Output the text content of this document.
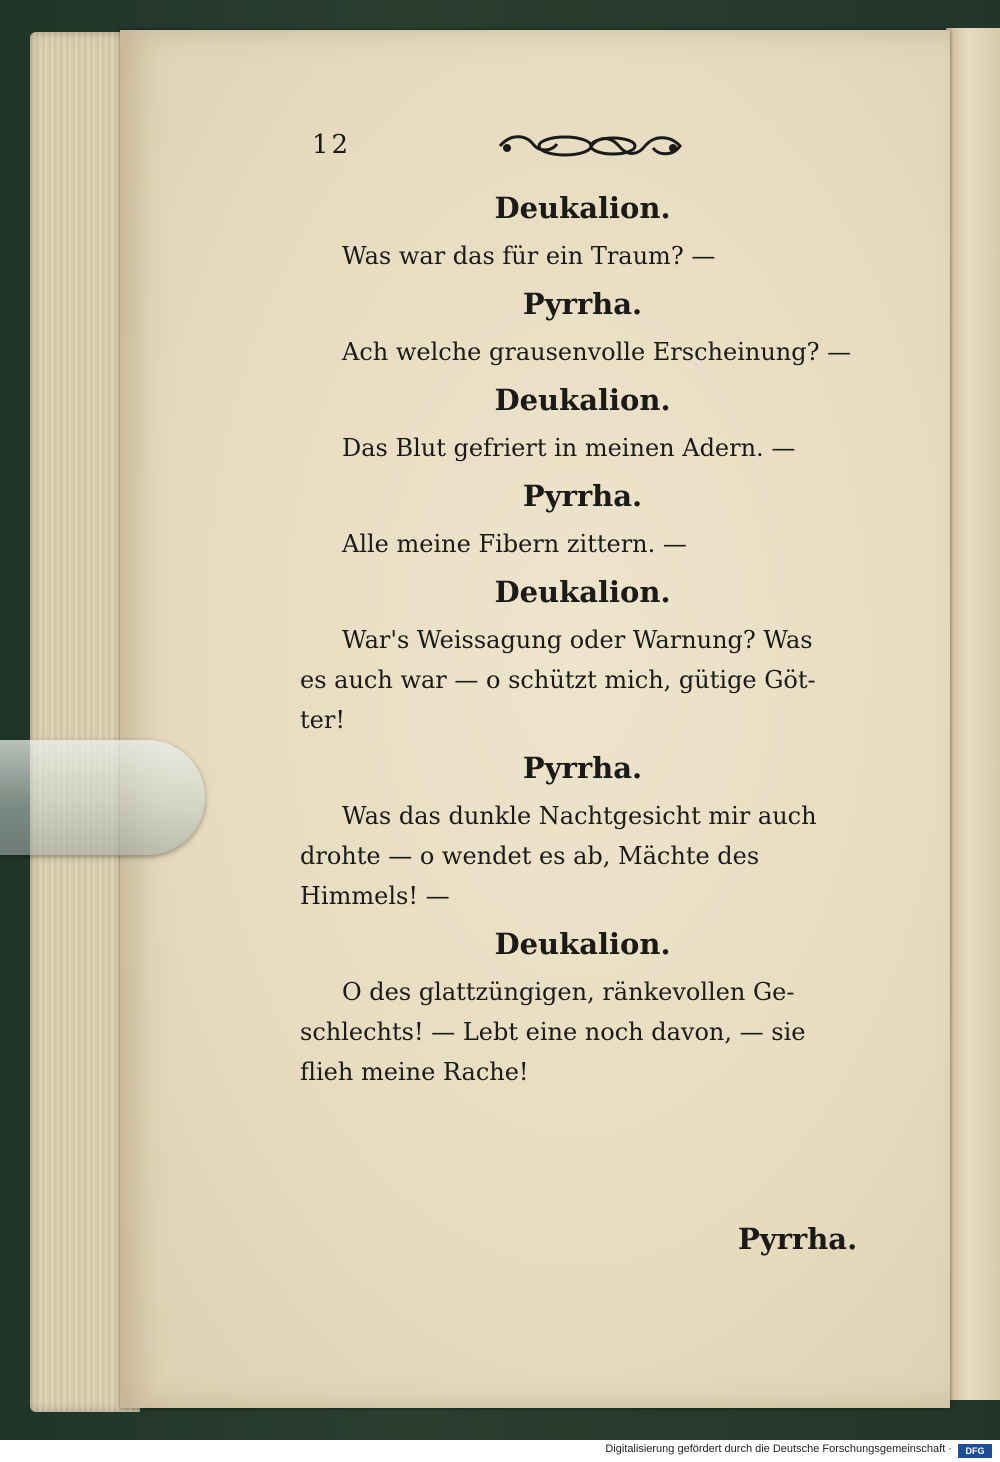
12

Deukalion.

Was war das für ein Traum? —

Pyrrha.

Ach welche grausenvolle Erscheinung? —

Deukalion.

Das Blut gefriert in meinen Adern. —

Pyrrha.

Alle meine Fibern zittern. —

Deukalion.

War's Weissagung oder Warnung? Was

es auch war — o schützt mich, gütige Göt-

ter!

Pyrrha.

Was das dunkle Nachtgesicht mir auch

drohte — o wendet es ab, Mächte des

Himmels! —

Deukalion.

O des glattzüngigen, ränkevollen Ge-

schlechts! — Lebt eine noch davon, — sie

flieh meine Rache!

Pyrrha.
Digitalisierung gefördert durch die Deutsche Forschungsgemeinschaft ·	DFG
